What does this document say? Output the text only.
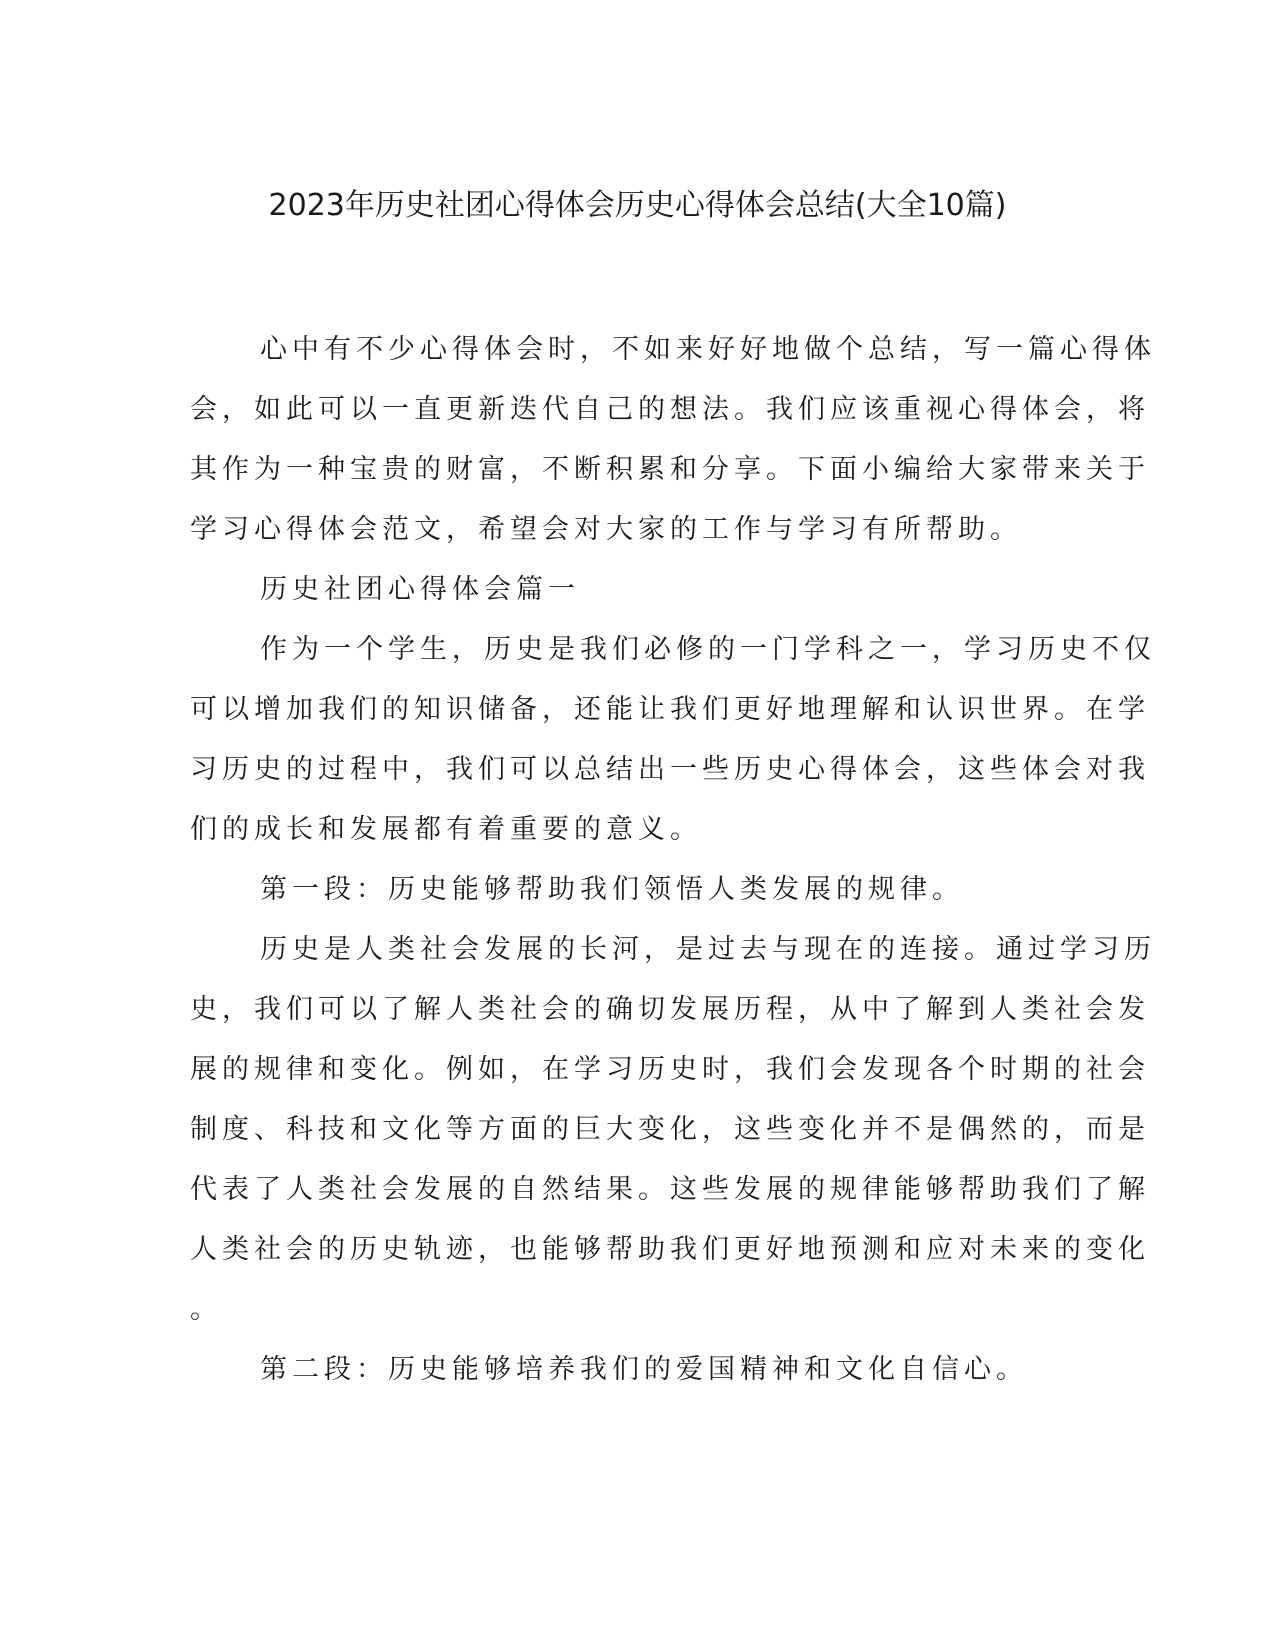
2023年历史社团心得体会历史心得体会总结(大全10篇)
心中有不少心得体会时，不如来好好地做个总结，写一篇心得体
会，如此可以一直更新迭代自己的想法。我们应该重视心得体会，将
其作为一种宝贵的财富，不断积累和分享。下面小编给大家带来关于
学习心得体会范文，希望会对大家的工作与学习有所帮助。
历史社团心得体会篇一
作为一个学生，历史是我们必修的一门学科之一，学习历史不仅
可以增加我们的知识储备，还能让我们更好地理解和认识世界。在学
习历史的过程中，我们可以总结出一些历史心得体会，这些体会对我
们的成长和发展都有着重要的意义。
第一段：历史能够帮助我们领悟人类发展的规律。
历史是人类社会发展的长河，是过去与现在的连接。通过学习历
史，我们可以了解人类社会的确切发展历程，从中了解到人类社会发
展的规律和变化。例如，在学习历史时，我们会发现各个时期的社会
制度、科技和文化等方面的巨大变化，这些变化并不是偶然的，而是
代表了人类社会发展的自然结果。这些发展的规律能够帮助我们了解
人类社会的历史轨迹，也能够帮助我们更好地预测和应对未来的变化
。
第二段：历史能够培养我们的爱国精神和文化自信心。
